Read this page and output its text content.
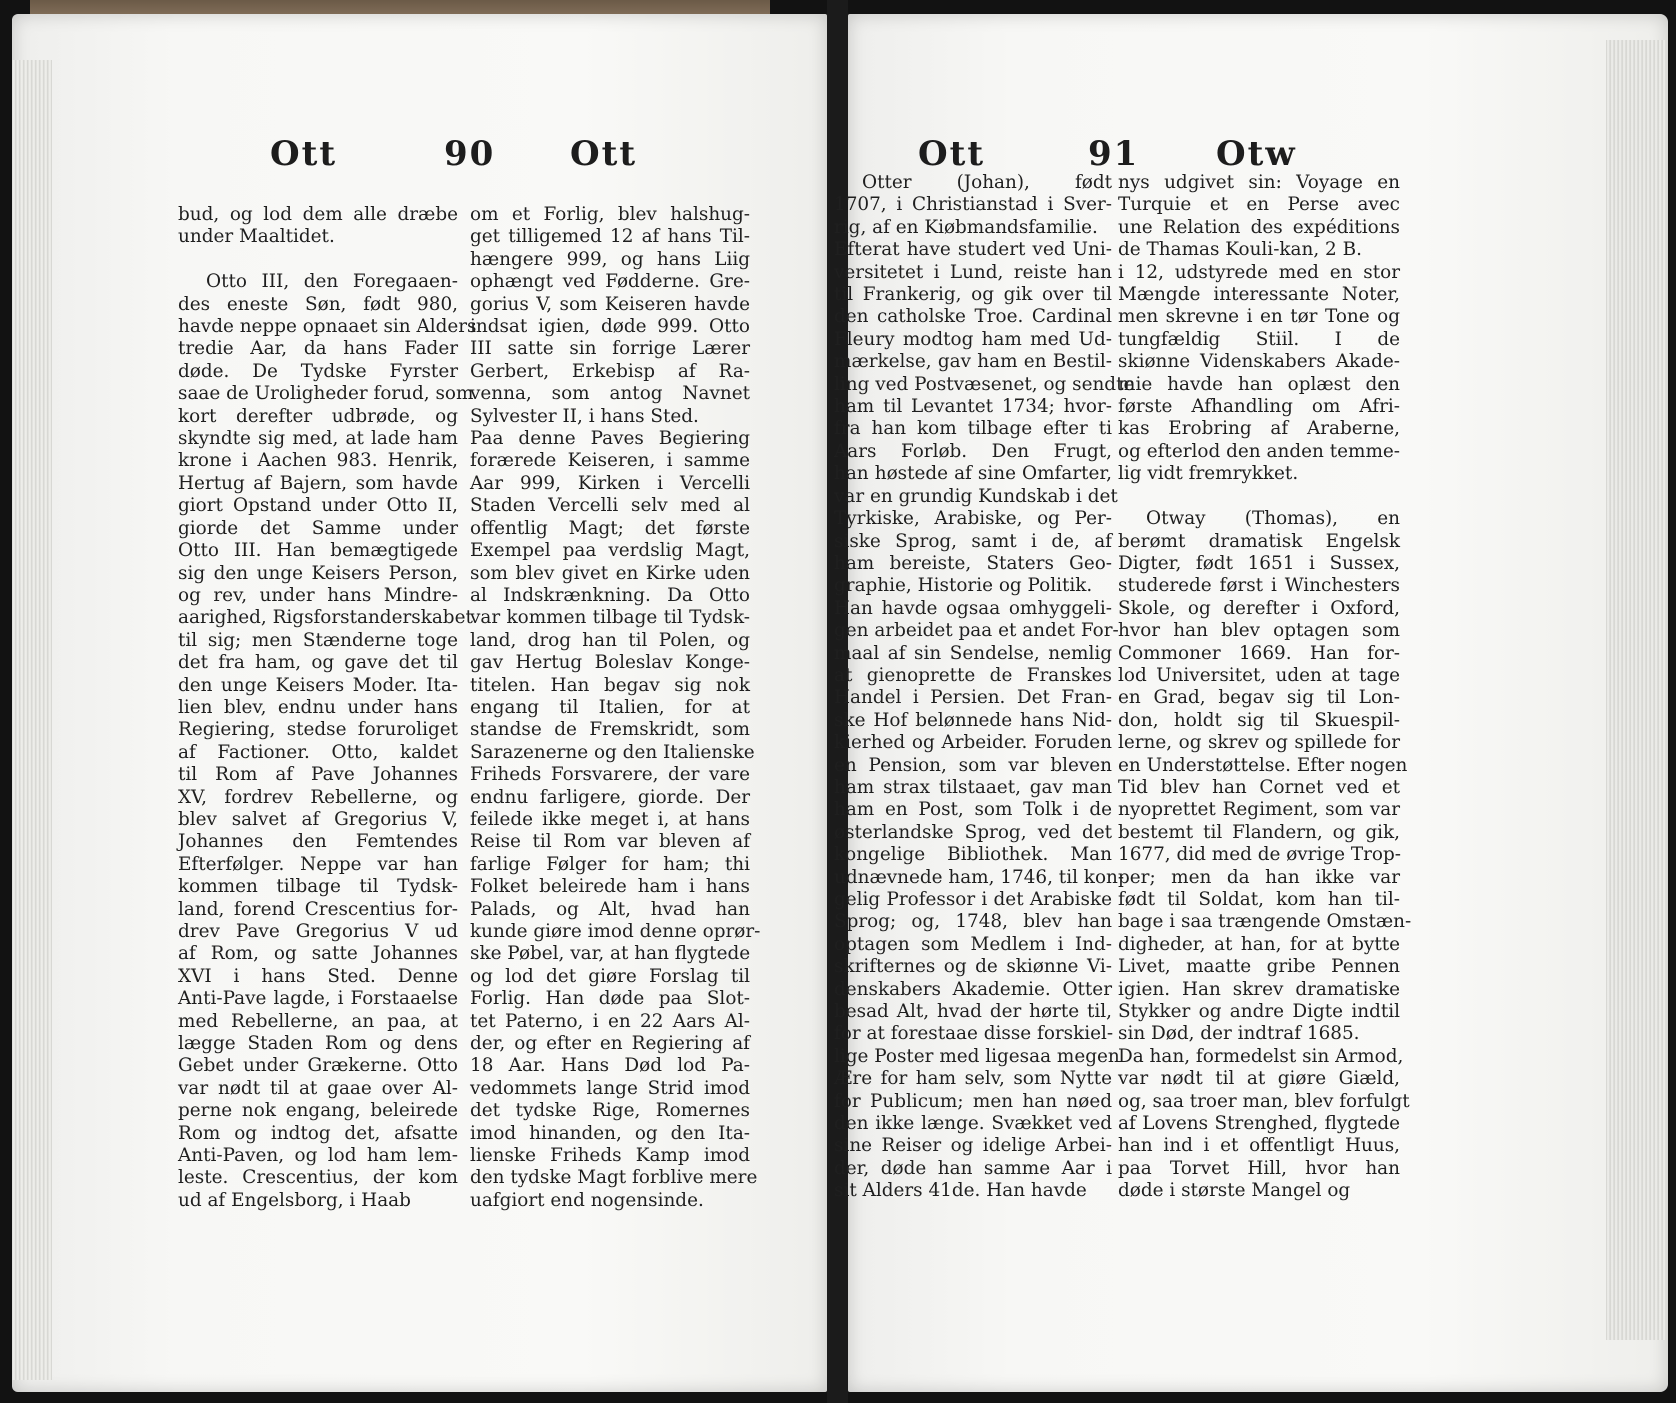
Ott	90 Ott
bud, og lod dem alle dræbe
under Maaltidet.

Otto III, den Foregaaen-
des eneste Søn, født 980,
havde neppe opnaaet sin Alders
tredie Aar, da hans Fader
døde. De Tydske Fyrster
saae de Uroligheder forud, som
kort derefter udbrøde, og
skyndte sig med, at lade ham
krone i Aachen 983. Henrik,
Hertug af Bajern, som havde
giort Opstand under Otto II,
giorde det Samme under
Otto III. Han bemægtigede
sig den unge Keisers Person,
og rev, under hans Mindre-
aarighed, Rigsforstanderskabet
til sig; men Stænderne toge
det fra ham, og gave det til
den unge Keisers Moder. Ita-
lien blev, endnu under hans
Regiering, stedse foruroliget
af Factioner. Otto, kaldet
til Rom af Pave Johannes
XV, fordrev Rebellerne, og
blev salvet af Gregorius V,
Johannes den Femtendes
Efterfølger. Neppe var han
kommen tilbage til Tydsk-
land, forend Crescentius for-
drev Pave Gregorius V ud
af Rom, og satte Johannes
XVI i hans Sted. Denne
Anti-Pave lagde, i Forstaaelse
med Rebellerne, an paa, at
lægge Staden Rom og dens
Gebet under Grækerne. Otto
var nødt til at gaae over Al-
perne nok engang, beleirede
Rom og indtog det, afsatte
Anti-Paven, og lod ham lem-
leste. Crescentius, der kom
ud af Engelsborg, i Haab
om et Forlig, blev halshug-
get tilligemed 12 af hans Til-
hængere 999, og hans Liig
ophængt ved Fødderne. Gre-
gorius V, som Keiseren havde
indsat igien, døde 999. Otto
III satte sin forrige Lærer
Gerbert, Erkebisp af Ra-
venna, som antog Navnet
Sylvester II, i hans Sted.
Paa denne Paves Begiering
forærede Keiseren, i samme
Aar 999, Kirken i Vercelli
Staden Vercelli selv med al
offentlig Magt; det første
Exempel paa verdslig Magt,
som blev givet en Kirke uden
al Indskrænkning. Da Otto
var kommen tilbage til Tydsk-
land, drog han til Polen, og
gav Hertug Boleslav Konge-
titelen. Han begav sig nok
engang til Italien, for at
standse de Fremskridt, som
Sarazenerne og den Italienske
Friheds Forsvarere, der vare
endnu farligere, giorde. Der
feilede ikke meget i, at hans
Reise til Rom var bleven af
farlige Følger for ham; thi
Folket beleirede ham i hans
Palads, og Alt, hvad han
kunde giøre imod denne oprør-
ske Pøbel, var, at han flygtede
og lod det giøre Forslag til
Forlig. Han døde paa Slot-
tet Paterno, i en 22 Aars Al-
der, og efter en Regiering af
18 Aar. Hans Død lod Pa-
vedommets lange Strid imod
det tydske Rige, Romernes
imod hinanden, og den Ita-
lienske Friheds Kamp imod
den tydske Magt forblive mere
uafgiort end nogensinde.
Ott	91 Otw
Otter (Johan), født
1707, i Christianstad i Sver-
rig, af en Kiøbmandsfamilie.
Efterat have studert ved Uni-
versitetet i Lund, reiste han
til Frankerig, og gik over til
den catholske Troe. Cardinal
Fleury modtog ham med Ud-
mærkelse, gav ham en Bestil-
ling ved Postvæsenet, og sendte
ham til Levantet 1734; hvor-
fra han kom tilbage efter ti
Aars Forløb. Den Frugt,
han høstede af sine Omfarter,
var en grundig Kundskab i det
Tyrkiske, Arabiske, og Per-
siske Sprog, samt i de, af
ham bereiste, Staters Geo-
graphie, Historie og Politik.
Han havde ogsaa omhyggeli-
gen arbeidet paa et andet For-
maal af sin Sendelse, nemlig
at gienoprette de Franskes
Handel i Persien. Det Fran-
ske Hof belønnede hans Nid-
kierhed og Arbeider. Foruden
en Pension, som var bleven
ham strax tilstaaet, gav man
ham en Post, som Tolk i de
østerlandske Sprog, ved det
kongelige Bibliothek. Man
udnævnede ham, 1746, til kon-
gelig Professor i det Arabiske
Sprog; og, 1748, blev han
optagen som Medlem i Ind-
skrifternes og de skiønne Vi-
denskabers Akademie. Otter
besad Alt, hvad der hørte til,
for at forestaae disse forskiel-
lige Poster med ligesaa megen
Ære for ham selv, som Nytte
for Publicum; men han nøed
den ikke længe. Svækket ved
sine Reiser og idelige Arbei-
der, døde han samme Aar i
sit Alders 41de. Han havde
nys udgivet sin: Voyage en
Turquie et en Perse avec
une Relation des expéditions
de Thamas Kouli-kan, 2 B.
i 12, udstyrede med en stor
Mængde interessante Noter,
men skrevne i en tør Tone og
tungfældig Stiil. I de
skiønne Videnskabers Akade-
mie havde han oplæst den
første Afhandling om Afri-
kas Erobring af Araberne,
og efterlod den anden temme-
lig vidt fremrykket.

Otway (Thomas), en
berømt dramatisk Engelsk
Digter, født 1651 i Sussex,
studerede først i Winchesters
Skole, og derefter i Oxford,
hvor han blev optagen som
Commoner 1669. Han for-
lod Universitet, uden at tage
en Grad, begav sig til Lon-
don, holdt sig til Skuespil-
lerne, og skrev og spillede for
en Understøttelse. Efter nogen
Tid blev han Cornet ved et
nyoprettet Regiment, som var
bestemt til Flandern, og gik,
1677, did med de øvrige Trop-
per; men da han ikke var
født til Soldat, kom han til-
bage i saa trængende Omstæn-
digheder, at han, for at bytte
Livet, maatte gribe Pennen
igien. Han skrev dramatiske
Stykker og andre Digte indtil
sin Død, der indtraf 1685.
Da han, formedelst sin Armod,
var nødt til at giøre Giæld,
og, saa troer man, blev forfulgt
af Lovens Strenghed, flygtede
han ind i et offentligt Huus,
paa Torvet Hill, hvor han
døde i største Mangel og
